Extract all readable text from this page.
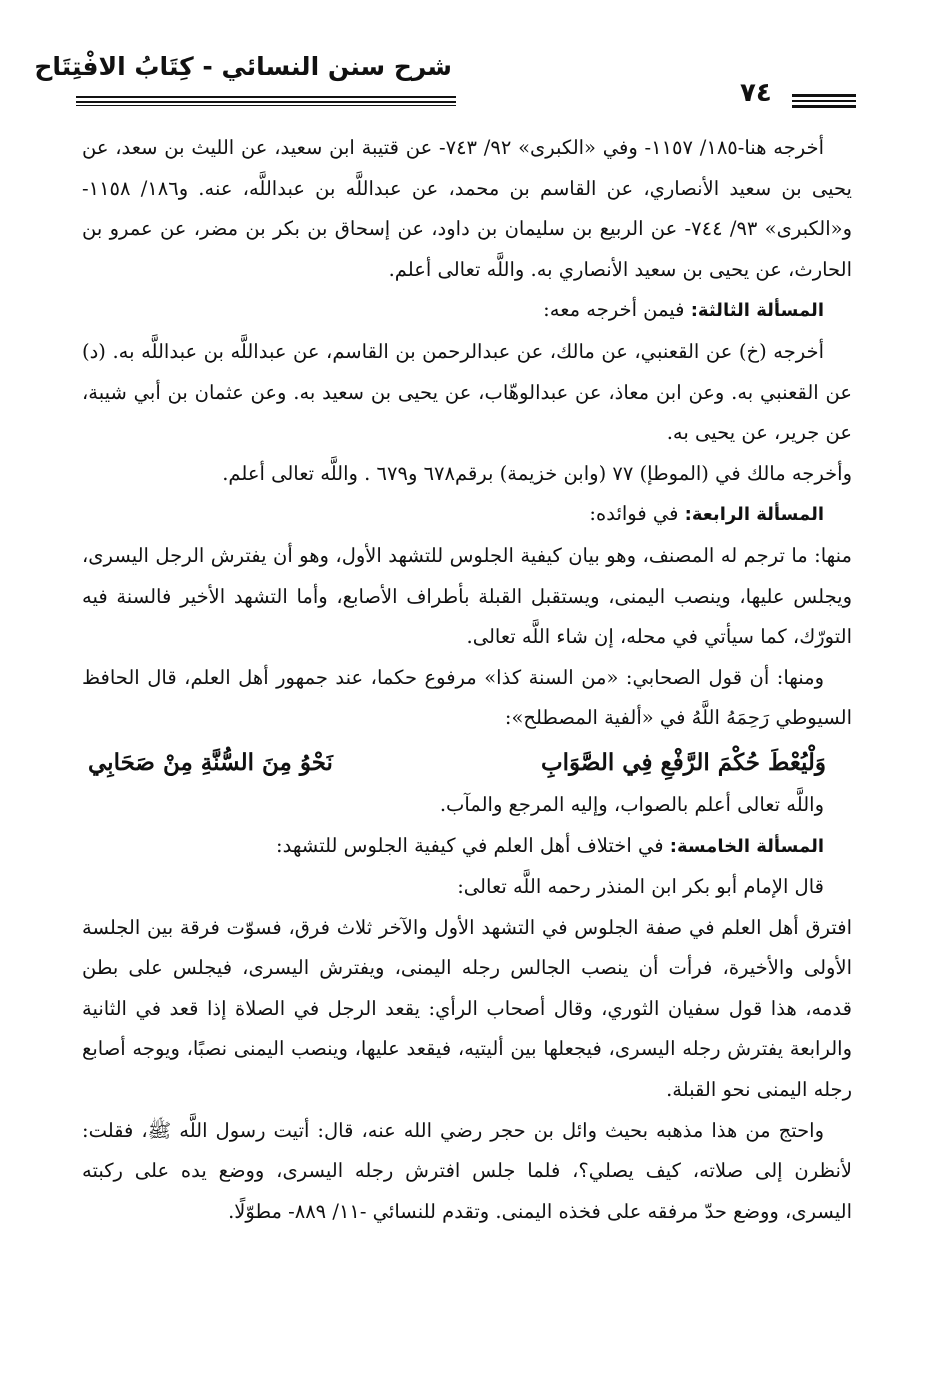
شرح سنن النسائي - كِتَابُ الافْتِتَاح
٧٤

أخرجه هنا-١٨٥/ ١١٥٧- وفي «الكبرى» ٩٢/ ٧٤٣- عن قتيبة ابن سعيد، عن الليث بن سعد، عن يحيى بن سعيد الأنصاري، عن القاسم بن محمد، عن عبداللَّه بن عبداللَّه، عنه. و١٨٦/ ١١٥٨- و«الكبرى» ٩٣/ ٧٤٤- عن الربيع بن سليمان بن داود، عن إسحاق بن بكر بن مضر، عن عمرو بن الحارث، عن يحيى بن سعيد الأنصاري به. واللَّه تعالى أعلم.

المسألة الثالثة: فيمن أخرجه معه:

أخرجه (خ) عن القعنبي، عن مالك، عن عبدالرحمن بن القاسم، عن عبداللَّه بن عبداللَّه به. (د) عن القعنبي به. وعن ابن معاذ، عن عبدالوهّاب، عن يحيى بن سعيد به. وعن عثمان بن أبي شيبة، عن جرير، عن يحيى به.

وأخرجه مالك في (الموطإ) ٧٧ (وابن خزيمة) برقم٦٧٨ و٦٧٩ . واللَّه تعالى أعلم.

المسألة الرابعة: في فوائده:

منها: ما ترجم له المصنف، وهو بيان كيفية الجلوس للتشهد الأول، وهو أن يفترش الرجل اليسرى، ويجلس عليها، وينصب اليمنى، ويستقبل القبلة بأطراف الأصابع، وأما التشهد الأخير فالسنة فيه التورّك، كما سيأتي في محله، إن شاء اللَّه تعالى.

ومنها: أن قول الصحابي: «من السنة كذا» مرفوع حكما، عند جمهور أهل العلم، قال الحافظ السيوطي رَحِمَهُ اللَّهُ في «ألفية المصطلح»:

وَلْيُعْطَ حُكْمَ الرَّفْعِ فِي الصَّوَابِ
نَحْوُ مِنَ السُّنَّةِ مِنْ صَحَابِي

واللَّه تعالى أعلم بالصواب، وإليه المرجع والمآب.

المسألة الخامسة: في اختلاف أهل العلم في كيفية الجلوس للتشهد:

قال الإمام أبو بكر ابن المنذر رحمه اللَّه تعالى:

افترق أهل العلم في صفة الجلوس في التشهد الأول والآخر ثلاث فرق، فسوّت فرقة بين الجلسة الأولى والأخيرة، فرأت أن ينصب الجالس رجله اليمنى، ويفترش اليسرى، فيجلس على بطن قدمه، هذا قول سفيان الثوري، وقال أصحاب الرأي: يقعد الرجل في الصلاة إذا قعد في الثانية والرابعة يفترش رجله اليسرى، فيجعلها بين أليتيه، فيقعد عليها، وينصب اليمنى نصبًا، ويوجه أصابع رجله اليمنى نحو القبلة.

واحتج من هذا مذهبه بحيث وائل بن حجر رضي الله عنه، قال: أتيت رسول اللَّه ﷺ، فقلت: لأنظرن إلى صلاته، كيف يصلي؟، فلما جلس افترش رجله اليسرى، ووضع يده على ركبته اليسرى، ووضع حدّ مرفقه على فخذه اليمنى. وتقدم للنسائي -١١/ ٨٨٩- مطوّلًا.
